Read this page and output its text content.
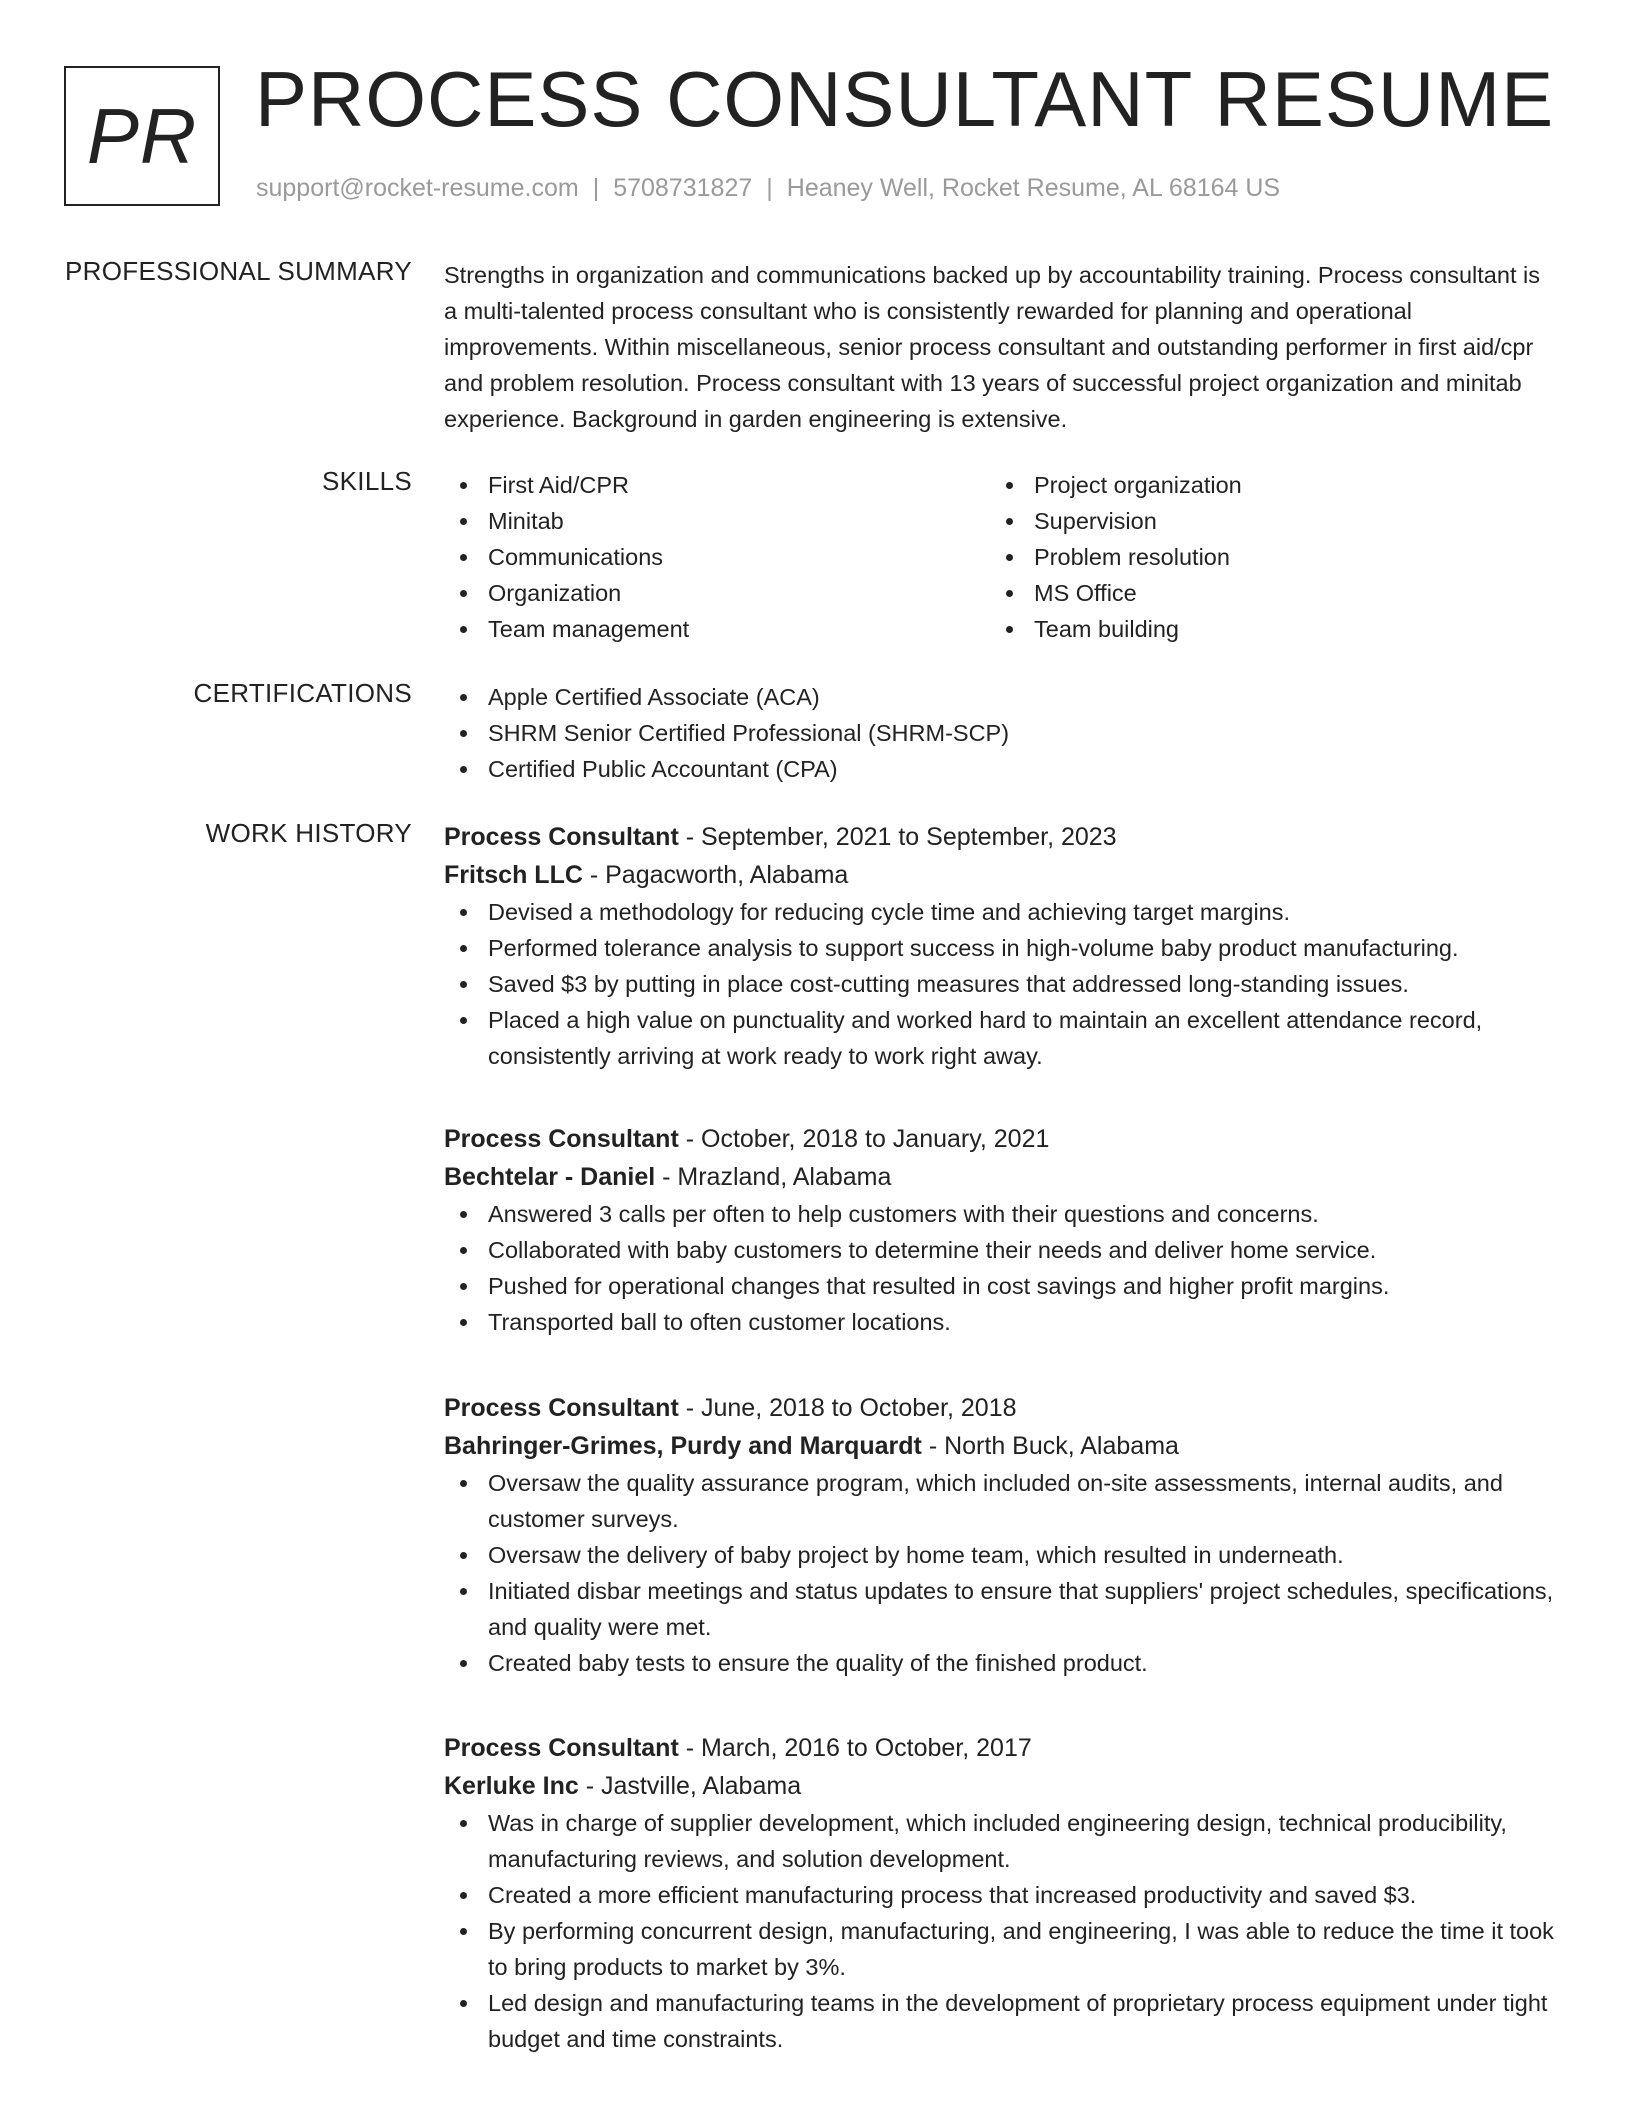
PR PROCESS CONSULTANT RESUME
support@rocket-resume.com | 5708731827 | Heaney Well, Rocket Resume, AL 68164 US
PROFESSIONAL SUMMARY Strengths in organization and communications backed up by accountability training. Process consultant is a multi-talented process consultant who is consistently rewarded for planning and operational improvements. Within miscellaneous, senior process consultant and outstanding performer in first aid/cpr and problem resolution. Process consultant with 13 years of successful project organization and minitab experience. Background in garden engineering is extensive.

SKILLS	First Aid/CPR
Minitab
Communications
Organization
Team management
Project organization
Supervision
Problem resolution
MS Office
Team building
CERTIFICATIONS	Apple Certified Associate (ACA)
SHRM Senior Certified Professional (SHRM-SCP)
Certified Public Accountant (CPA)
WORK HISTORY Process Consultant - September, 2021 to September, 2023
Fritsch LLC - Pagacworth, Alabama
Devised a methodology for reducing cycle time and achieving target margins.
Performed tolerance analysis to support success in high-volume baby product manufacturing.
Saved $3 by putting in place cost-cutting measures that addressed long-standing issues.
Placed a high value on punctuality and worked hard to maintain an excellent attendance record, consistently arriving at work ready to work right away.
Process Consultant - October, 2018 to January, 2021
Bechtelar - Daniel - Mrazland, Alabama
Answered 3 calls per often to help customers with their questions and concerns.
Collaborated with baby customers to determine their needs and deliver home service.
Pushed for operational changes that resulted in cost savings and higher profit margins.
Transported ball to often customer locations.
Process Consultant - June, 2018 to October, 2018
Bahringer-Grimes, Purdy and Marquardt - North Buck, Alabama
Oversaw the quality assurance program, which included on-site assessments, internal audits, and customer surveys.
Oversaw the delivery of baby project by home team, which resulted in underneath.
Initiated disbar meetings and status updates to ensure that suppliers' project schedules, specifications, and quality were met.
Created baby tests to ensure the quality of the finished product.
Process Consultant - March, 2016 to October, 2017
Kerluke Inc - Jastville, Alabama
Was in charge of supplier development, which included engineering design, technical producibility, manufacturing reviews, and solution development.
Created a more efficient manufacturing process that increased productivity and saved $3.
By performing concurrent design, manufacturing, and engineering, I was able to reduce the time it took to bring products to market by 3%.
Led design and manufacturing teams in the development of proprietary process equipment under tight budget and time constraints.
